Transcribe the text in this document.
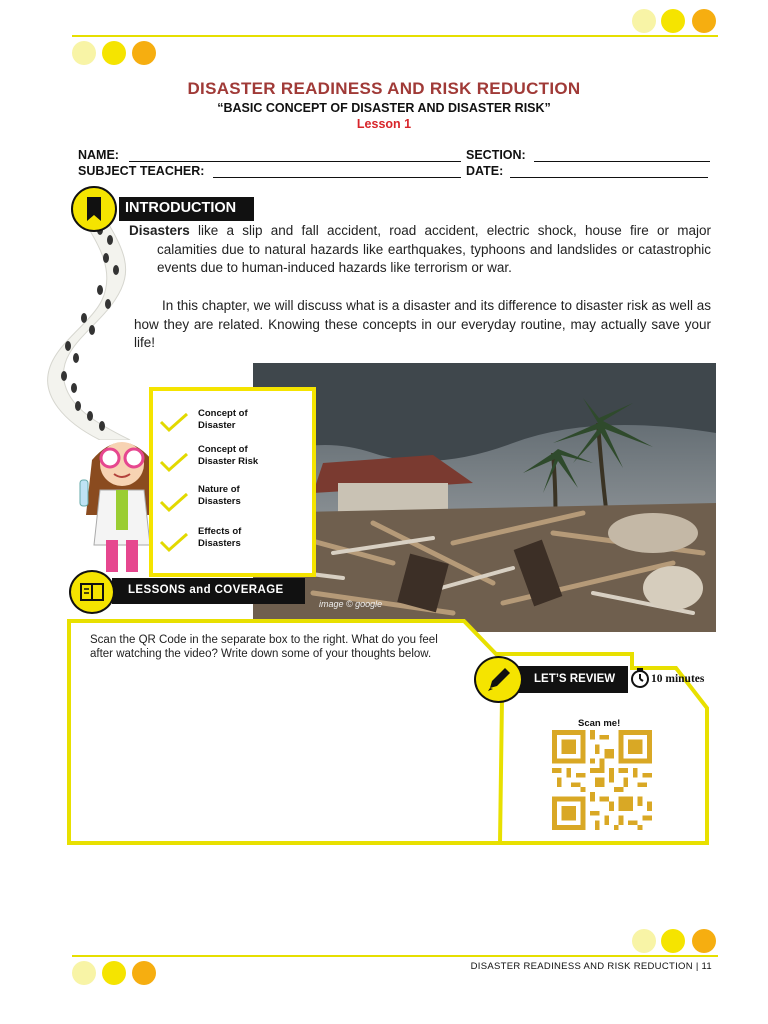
DISASTER READINESS AND RISK REDUCTION
“BASIC CONCEPT OF DISASTER AND DISASTER RISK”
Lesson 1
NAME:	SECTION:
SUBJECT TEACHER:	DATE:
INTRODUCTION
Disasters like a slip and fall accident, road accident, electric shock, house fire or major calamities due to natural hazards like earthquakes, typhoons and landslides or catastrophic events due to human-induced hazards like terrorism or war.
In this chapter, we will discuss what is a disaster and its difference to disaster risk as well as how they are related. Knowing these concepts in our everyday routine, may actually save your life!
image © google
Concept of Disaster
Concept of Disaster Risk
Nature of Disasters
Effects of Disasters
LESSONS and COVERAGE
Scan the QR Code in the separate box to the right. What do you feel after watching the video? Write down some of your thoughts below.
LET’S REVIEW	10 minutes
Scan me!
DISASTER READINESS AND RISK REDUCTION | 11
